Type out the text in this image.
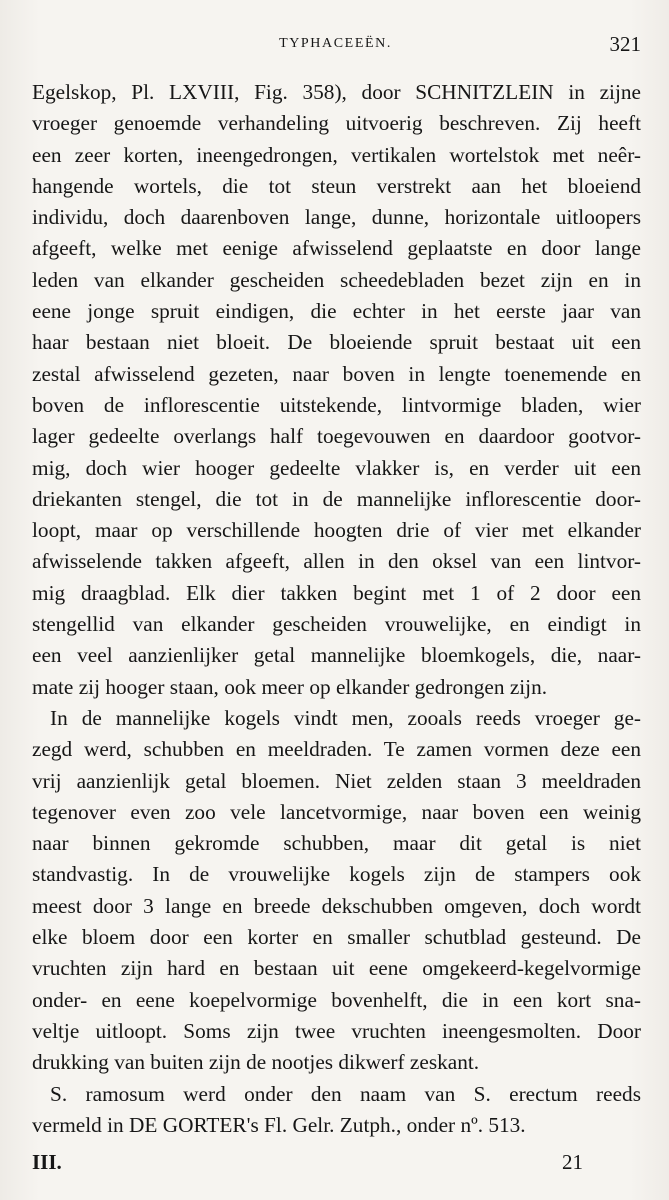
TYPHACEEËN.	321
Egelskop, Pl. LXVIII, Fig. 358), door SCHNITZLEIN in zijne
vroeger genoemde verhandeling uitvoerig beschreven. Zij heeft
een zeer korten, ineengedrongen, vertikalen wortelstok met neêr-
hangende wortels, die tot steun verstrekt aan het bloeiend
individu, doch daarenboven lange, dunne, horizontale uitloopers
afgeeft, welke met eenige afwisselend geplaatste en door lange
leden van elkander gescheiden scheedebladen bezet zijn en in
eene jonge spruit eindigen, die echter in het eerste jaar van
haar bestaan niet bloeit. De bloeiende spruit bestaat uit een
zestal afwisselend gezeten, naar boven in lengte toenemende en
boven de inflorescentie uitstekende, lintvormige bladen, wier
lager gedeelte overlangs half toegevouwen en daardoor gootvor-
mig, doch wier hooger gedeelte vlakker is, en verder uit een
driekanten stengel, die tot in de mannelijke inflorescentie door-
loopt, maar op verschillende hoogten drie of vier met elkander
afwisselende takken afgeeft, allen in den oksel van een lintvor-
mig draagblad. Elk dier takken begint met 1 of 2 door een
stengellid van elkander gescheiden vrouwelijke, en eindigt in
een veel aanzienlijker getal mannelijke bloemkogels, die, naar-
mate zij hooger staan, ook meer op elkander gedrongen zijn.
In de mannelijke kogels vindt men, zooals reeds vroeger ge-
zegd werd, schubben en meeldraden. Te zamen vormen deze een
vrij aanzienlijk getal bloemen. Niet zelden staan 3 meeldraden
tegenover even zoo vele lancetvormige, naar boven een weinig
naar binnen gekromde schubben, maar dit getal is niet
standvastig. In de vrouwelijke kogels zijn de stampers ook
meest door 3 lange en breede dekschubben omgeven, doch wordt
elke bloem door een korter en smaller schutblad gesteund. De
vruchten zijn hard en bestaan uit eene omgekeerd-kegelvormige
onder- en eene koepelvormige bovenhelft, die in een kort sna-
veltje uitloopt. Soms zijn twee vruchten ineengesmolten. Door
drukking van buiten zijn de nootjes dikwerf zeskant.
S. ramosum werd onder den naam van S. erectum reeds
vermeld in DE GORTER's Fl. Gelr. Zutph., onder nº. 513.
III.	21
